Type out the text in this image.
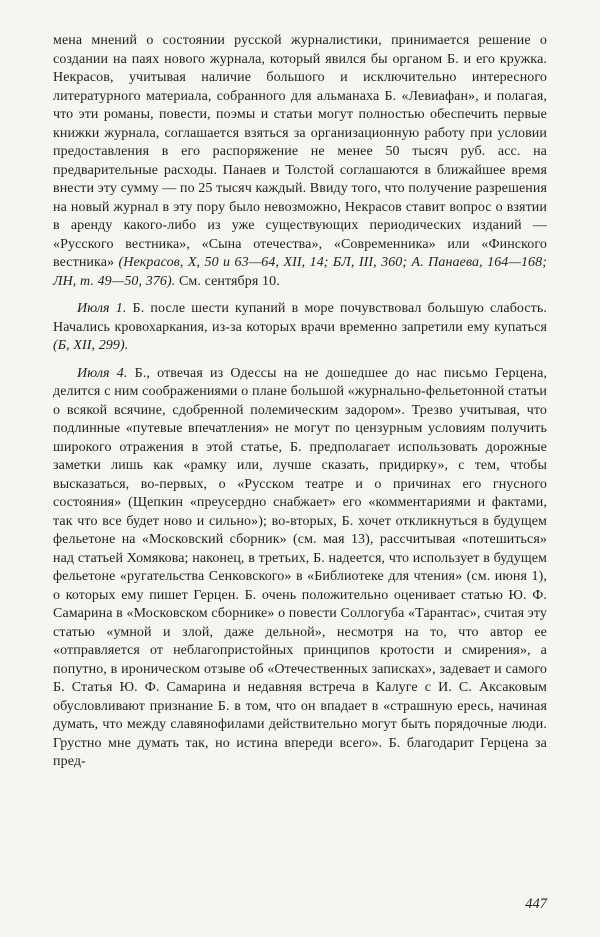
мена мнений о состоянии русской журналистики, принимается решение о создании на паях нового журнала, который явился бы органом Б. и его кружка. Некрасов, учитывая наличие большого и исключительно интересного литературного материала, собранного для альманаха Б. «Левиафан», и полагая, что эти романы, повести, поэмы и статьи могут полностью обеспечить первые книжки журнала, соглашается взяться за организационную работу при условии предоставления в его распоряжение не менее 50 тысяч руб. асс. на предварительные расходы. Панаев и Толстой соглашаются в ближайшее время внести эту сумму — по 25 тысяч каждый. Ввиду того, что получение разрешения на новый журнал в эту пору было невозможно, Некрасов ставит вопрос о взятии в аренду какого-либо из уже существующих периодических изданий — «Русского вестника», «Сына отечества», «Современника» или «Финского вестника» (Некрасов, X, 50 и 63—64, XII, 14; БЛ, III, 360; А. Панаева, 164—168; ЛН, т. 49—50, 376). См. сентября 10.

Июля 1. Б. после шести купаний в море почувствовал большую слабость. Начались кровохаркания, из-за которых врачи временно запретили ему купаться (Б, XII, 299).

Июля 4. Б., отвечая из Одессы на не дошедшее до нас письмо Герцена, делится с ним соображениями о плане большой «журнально-фельетонной статьи о всякой всячине, сдобренной полемическим задором». Трезво учитывая, что подлинные «путевые впечатления» не могут по цензурным условиям получить широкого отражения в этой статье, Б. предполагает использовать дорожные заметки лишь как «рамку или, лучше сказать, придирку», с тем, чтобы высказаться, во-первых, о «Русском театре и о причинах его гнусного состояния» (Щепкин «преусердно снабжает» его «комментариями и фактами, так что все будет ново и сильно»); во-вторых, Б. хочет откликнуться в будущем фельетоне на «Московский сборник» (см. мая 13), рассчитывая «потешиться» над статьей Хомякова; наконец, в третьих, Б. надеется, что использует в будущем фельетоне «ругательства Сенковского» в «Библиотеке для чтения» (см. июня 1), о которых ему пишет Герцен. Б. очень положительно оценивает статью Ю. Ф. Самарина в «Московском сборнике» о повести Соллогуба «Тарантас», считая эту статью «умной и злой, даже дельной», несмотря на то, что автор ее «отправляется от неблагопристойных принципов кротости и смирения», а попутно, в ироническом отзыве об «Отечественных записках», задевает и самого Б. Статья Ю. Ф. Самарина и недавняя встреча в Калуге с И. С. Аксаковым обусловливают признание Б. в том, что он впадает в «страшную ересь, начиная думать, что между славянофилами действительно могут быть порядочные люди. Грустно мне думать так, но истина впереди всего». Б. благодарит Герцена за пред-

447
